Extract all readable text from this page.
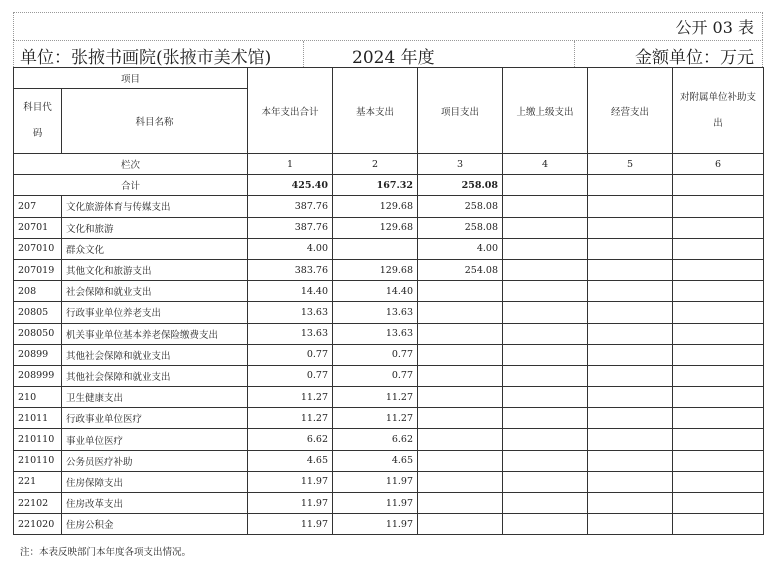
公开 03 表
单位：张掖书画院(张掖市美术馆)	2024 年度	金额单位：万元
项目		本年支出合计	基本支出	项目支出	上缴上级支出	经营支出	对附属单位补助支出
科目代码	科目名称						
栏次		1	2	3	4	5	6
合计		425.40	167.32	258.08			
207	文化旅游体育与传媒支出	387.76	129.68	258.08			
20701	文化和旅游	387.76	129.68	258.08			
207010	群众文化	4.00		4.00			
207019	其他文化和旅游支出	383.76	129.68	254.08			
208	社会保障和就业支出	14.40	14.40				
20805	行政事业单位养老支出	13.63	13.63				
208050	机关事业单位基本养老保险缴费支出	13.63	13.63				
20899	其他社会保障和就业支出	0.77	0.77				
208999	其他社会保障和就业支出	0.77	0.77				
210	卫生健康支出	11.27	11.27				
21011	行政事业单位医疗	11.27	11.27				
210110	事业单位医疗	6.62	6.62				
210110	公务员医疗补助	4.65	4.65				
221	住房保障支出	11.97	11.97				
22102	住房改革支出	11.97	11.97				
221020	住房公积金	11.97	11.97				
注：本表反映部门本年度各项支出情况。
